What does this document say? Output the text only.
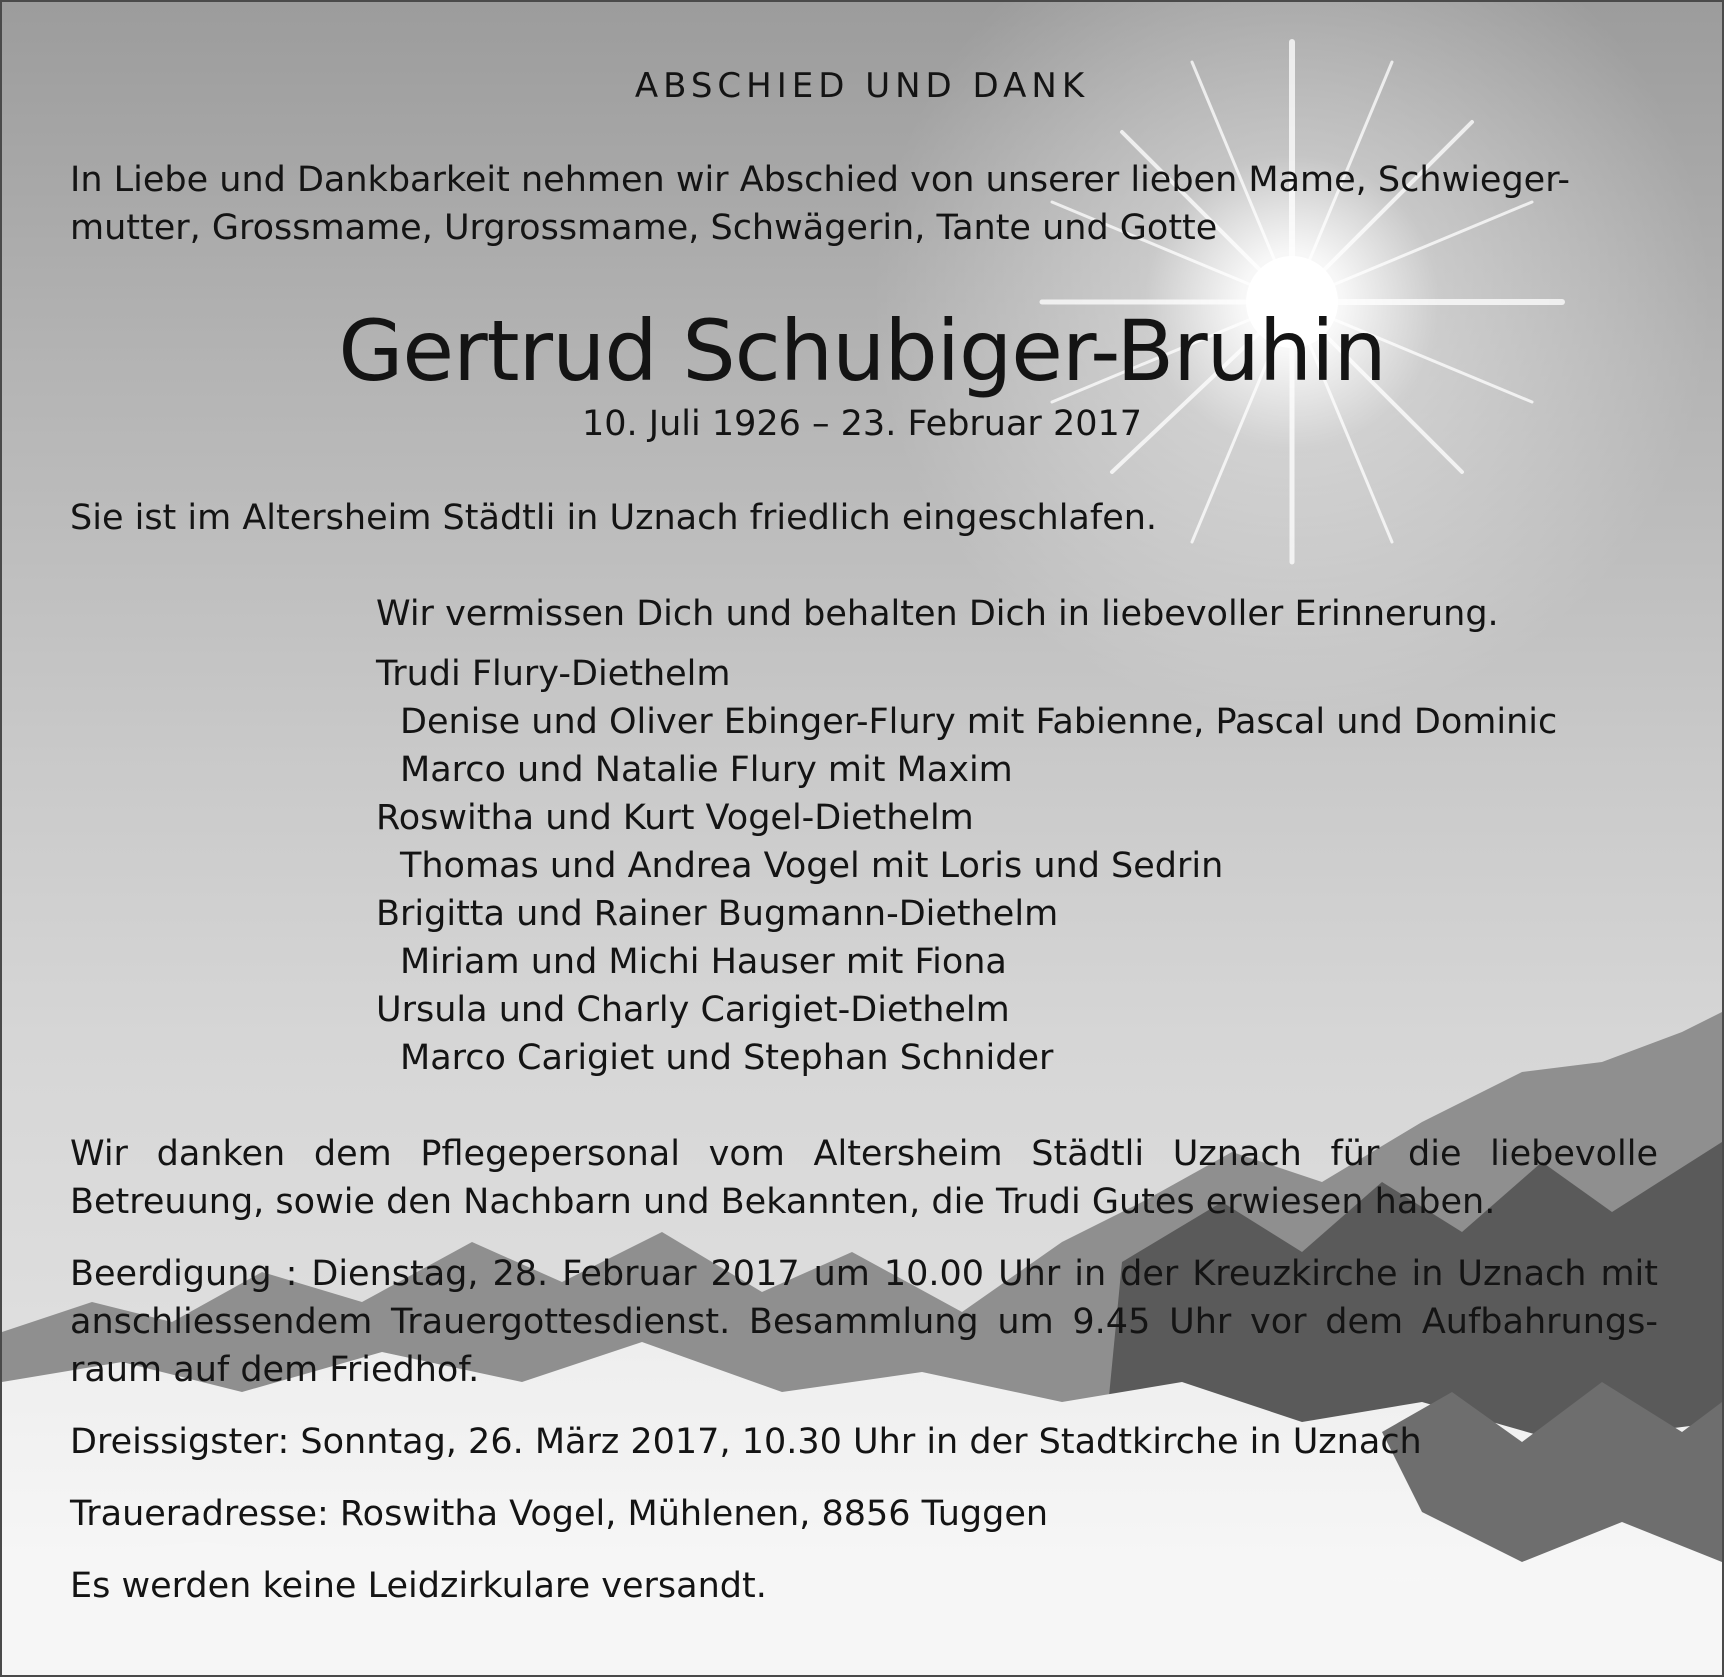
ABSCHIED UND DANK
In Liebe und Dankbarkeit nehmen wir Abschied von unserer lieben Mame, Schwieger-
mutter, Grossmame, Urgrossmame, Schwägerin, Tante und Gotte
Gertrud Schubiger-Bruhin
10. Juli 1926 – 23. Februar 2017
Sie ist im Altersheim Städtli in Uznach friedlich eingeschlafen.
Wir vermissen Dich und behalten Dich in liebevoller Erinnerung.
Trudi Flury-Diethelm
Denise und Oliver Ebinger-Flury mit Fabienne, Pascal und Dominic
Marco und Natalie Flury mit Maxim
Roswitha und Kurt Vogel-Diethelm
Thomas und Andrea Vogel mit Loris und Sedrin
Brigitta und Rainer Bugmann-Diethelm
Miriam und Michi Hauser mit Fiona
Ursula und Charly Carigiet-Diethelm
Marco Carigiet und Stephan Schnider
Wir danken dem Pflegepersonal vom Altersheim Städtli Uznach für die liebevolle
Betreuung, sowie den Nachbarn und Bekannten, die Trudi Gutes erwiesen haben.
Beerdigung : Dienstag, 28. Februar 2017 um 10.00 Uhr in der Kreuzkirche in Uznach mit
anschliessendem Trauergottesdienst. Besammlung um 9.45 Uhr vor dem Aufbahrungs-
raum auf dem Friedhof.
Dreissigster: Sonntag, 26. März 2017, 10.30 Uhr in der Stadtkirche in Uznach
Traueradresse: Roswitha Vogel, Mühlenen, 8856 Tuggen
Es werden keine Leidzirkulare versandt.
